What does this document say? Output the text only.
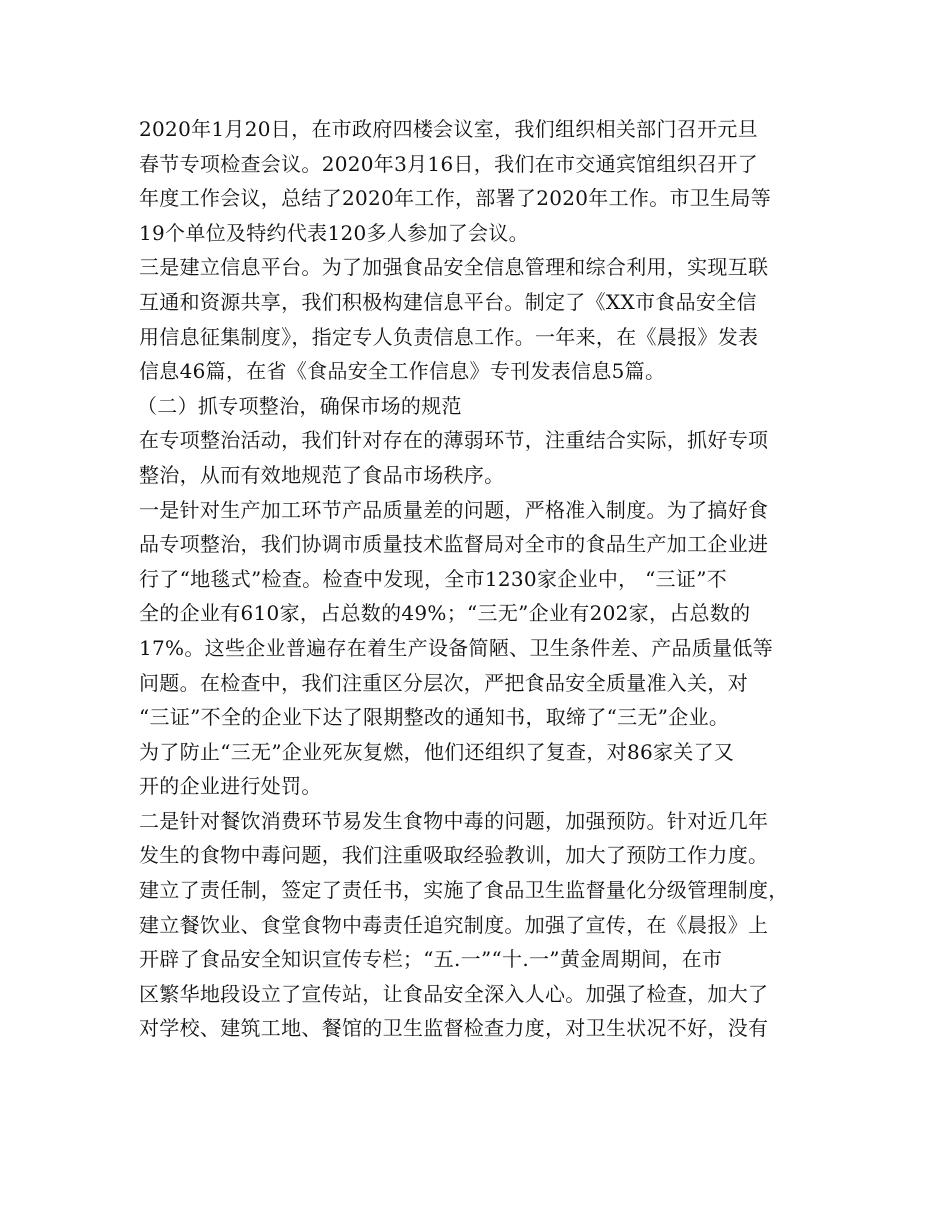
2020年1月20日，在市政府四楼会议室，我们组织相关部门召开元旦
春节专项检查会议。2020年3月16日，我们在市交通宾馆组织召开了
年度工作会议，总结了2020年工作，部署了2020年工作。市卫生局等
19个单位及特约代表120多人参加了会议。
三是建立信息平台。为了加强食品安全信息管理和综合利用，实现互联
互通和资源共享，我们积极构建信息平台。制定了《XX市食品安全信
用信息征集制度》，指定专人负责信息工作。一年来，在《晨报》发表
信息46篇，在省《食品安全工作信息》专刊发表信息5篇。
（二）抓专项整治，确保市场的规范
在专项整治活动，我们针对存在的薄弱环节，注重结合实际，抓好专项
整治，从而有效地规范了食品市场秩序。
一是针对生产加工环节产品质量差的问题，严格准入制度。为了搞好食
品专项整治，我们协调市质量技术监督局对全市的食品生产加工企业进
行了“地毯式”检查。检查中发现，全市1230家企业中， “三证”不
全的企业有610家，占总数的49%；“三无”企业有202家，占总数的
17%。这些企业普遍存在着生产设备简陋、卫生条件差、产品质量低等
问题。在检查中，我们注重区分层次，严把食品安全质量准入关，对
“三证”不全的企业下达了限期整改的通知书，取缔了“三无”企业。
为了防止“三无”企业死灰复燃，他们还组织了复查，对86家关了又
开的企业进行处罚。
二是针对餐饮消费环节易发生食物中毒的问题，加强预防。针对近几年
发生的食物中毒问题，我们注重吸取经验教训，加大了预防工作力度。
建立了责任制，签定了责任书，实施了食品卫生监督量化分级管理制度，
建立餐饮业、食堂食物中毒责任追究制度。加强了宣传，在《晨报》上
开辟了食品安全知识宣传专栏；“五.一”“十.一”黄金周期间，在市
区繁华地段设立了宣传站，让食品安全深入人心。加强了检查，加大了
对学校、建筑工地、餐馆的卫生监督检查力度，对卫生状况不好，没有
